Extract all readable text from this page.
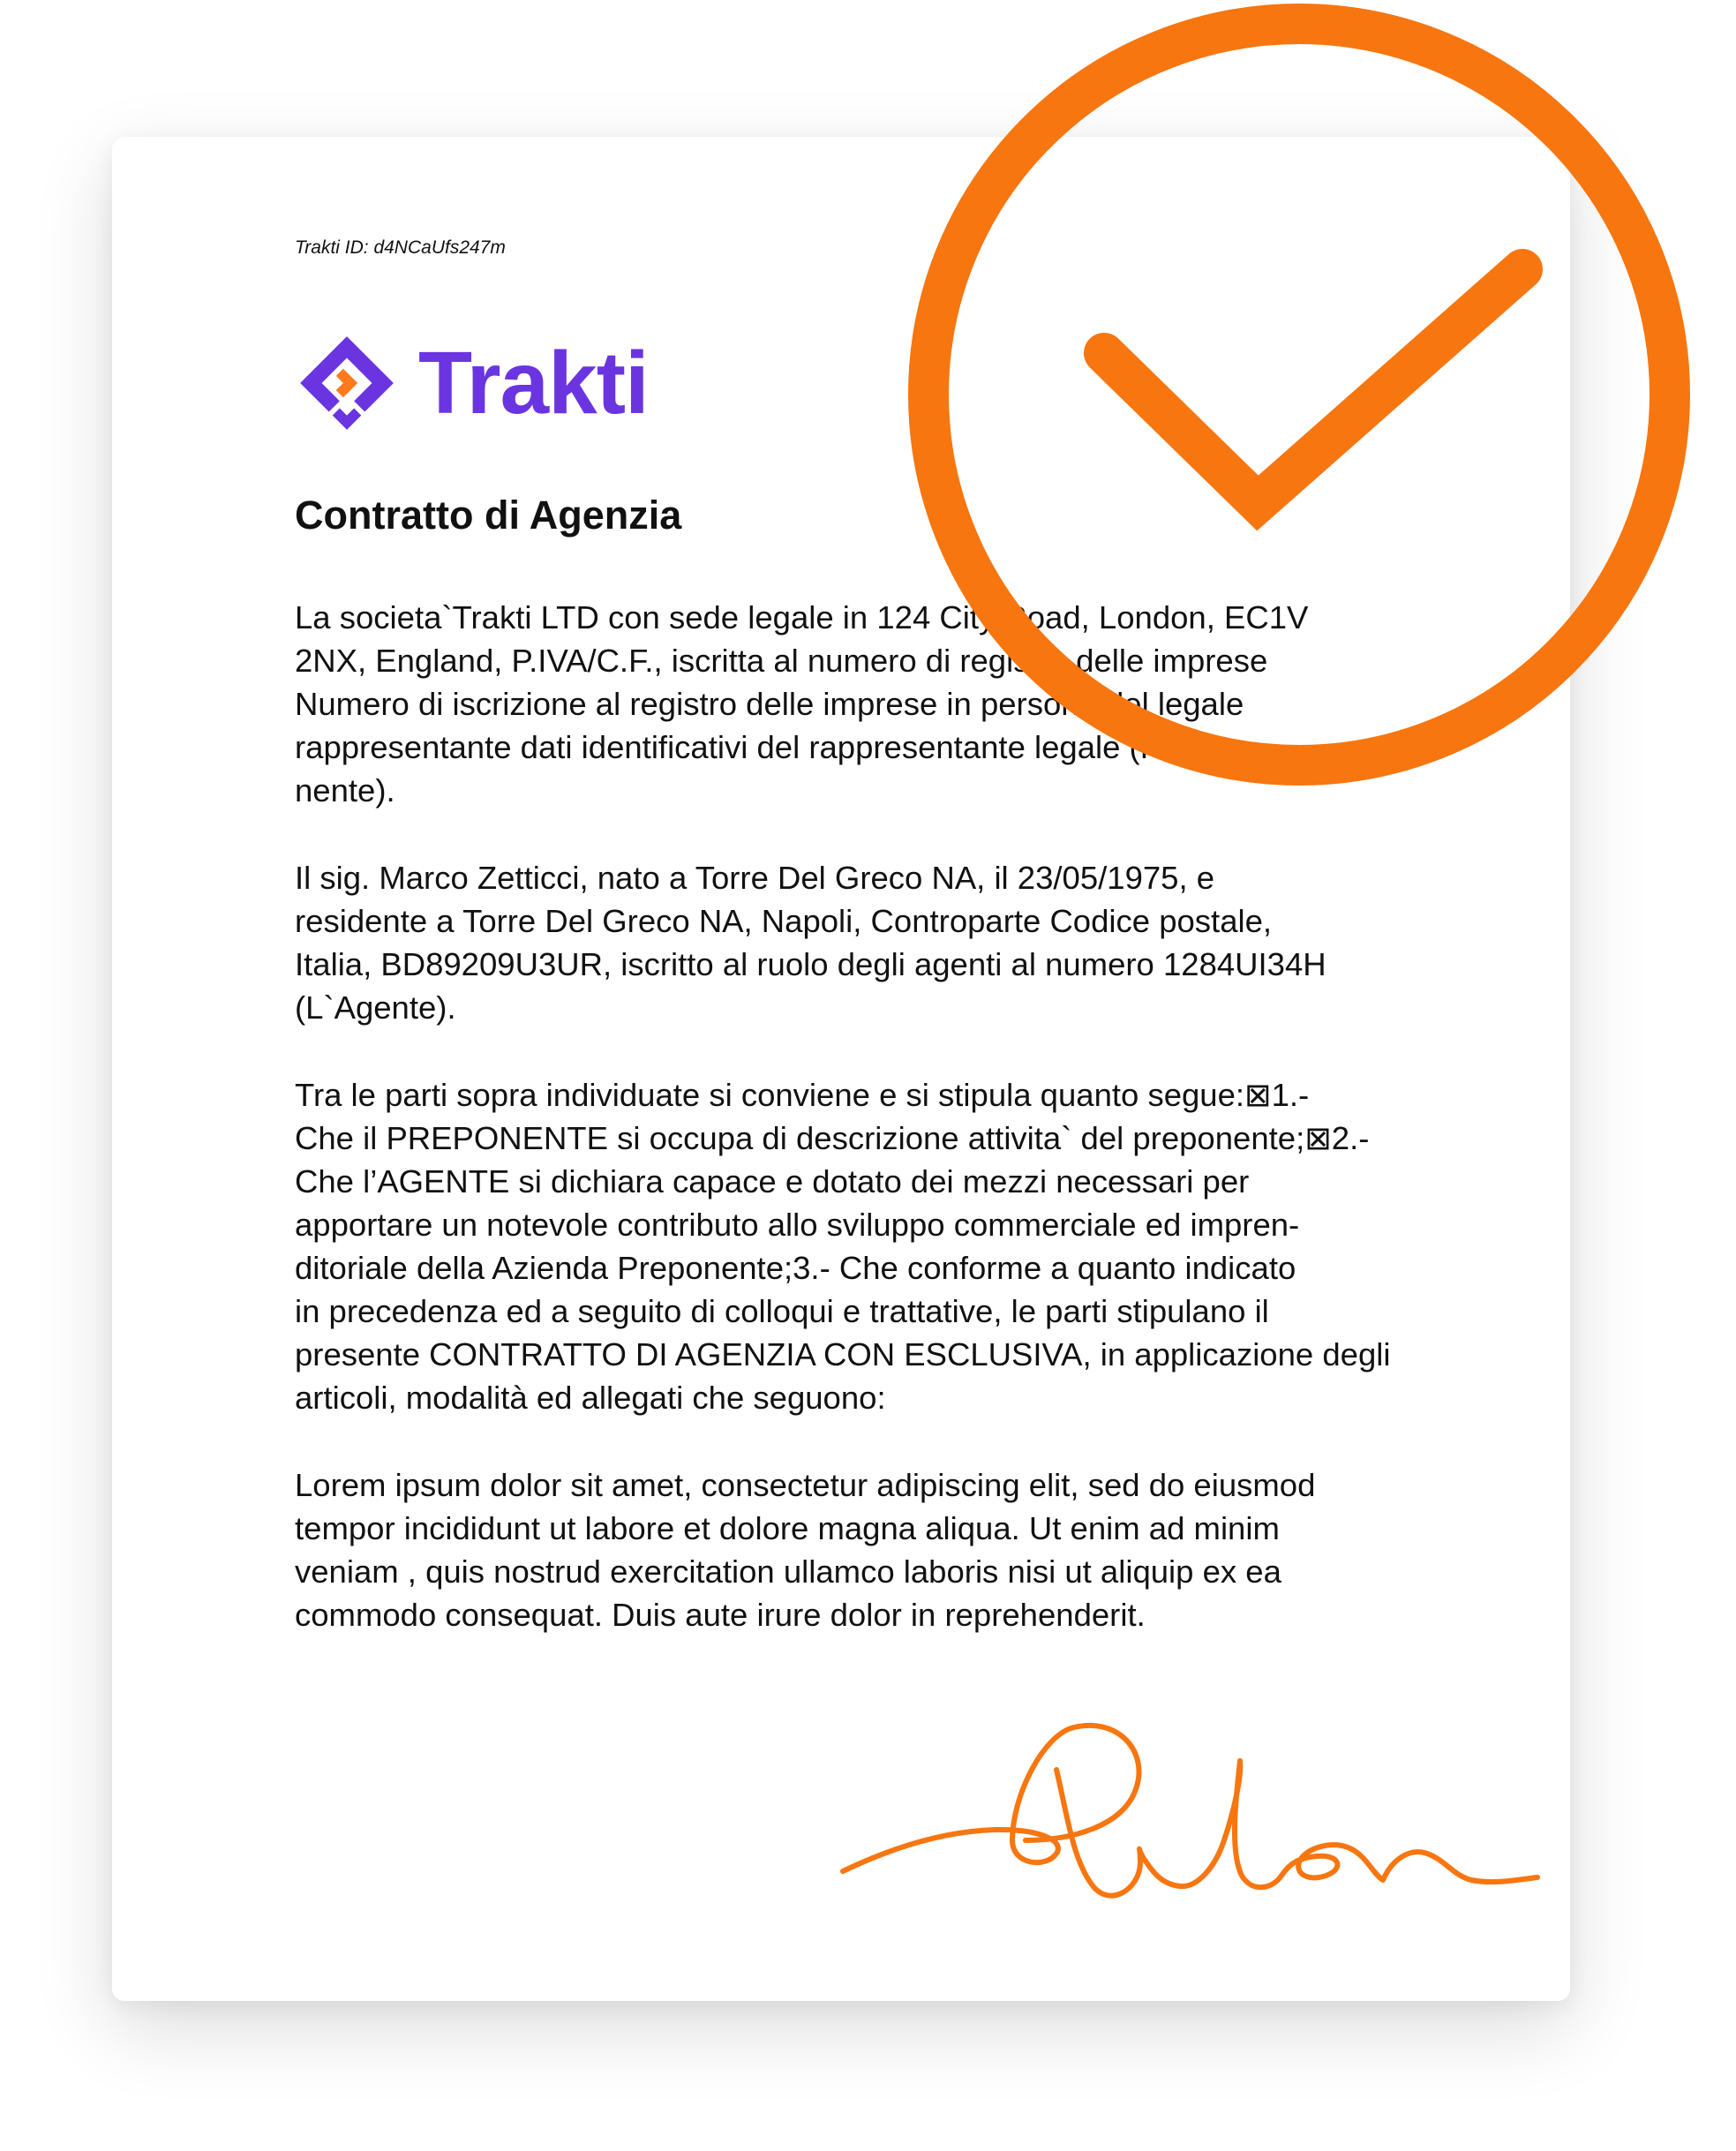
Trakti ID: d4NCaUfs247m

Trakti
Contratto di Agenzia

La societa`Trakti LTD con sede legale in 124 City Road, London, EC1V
2NX, England, P.IVA/C.F., iscritta al numero di registro delle imprese
Numero di iscrizione al registro delle imprese in persona del legale
rappresentante dati identificativi del rappresentante legale (Prepo-
nente).

Il sig. Marco Zetticci, nato a Torre Del Greco NA, il 23/05/1975, e
residente a Torre Del Greco NA, Napoli, Controparte Codice postale,
Italia, BD89209U3UR, iscritto al ruolo degli agenti al numero 1284UI34H
(L`Agente).

Tra le parti sopra individuate si conviene e si stipula quanto segue:⊠1.-
Che il PREPONENTE si occupa di descrizione attivita` del preponente;⊠2.-
Che l’AGENTE si dichiara capace e dotato dei mezzi necessari per
apportare un notevole contributo allo sviluppo commerciale ed impren-
ditoriale della Azienda Preponente;3.- Che conforme a quanto indicato
in precedenza ed a seguito di colloqui e trattative, le parti stipulano il
presente CONTRATTO DI AGENZIA CON ESCLUSIVA, in applicazione degli
articoli, modalità ed allegati che seguono:

Lorem ipsum dolor sit amet, consectetur adipiscing elit, sed do eiusmod
tempor incididunt ut labore et dolore magna aliqua. Ut enim ad minim
veniam , quis nostrud exercitation ullamco laboris nisi ut aliquip ex ea
commodo consequat. Duis aute irure dolor in reprehenderit.
